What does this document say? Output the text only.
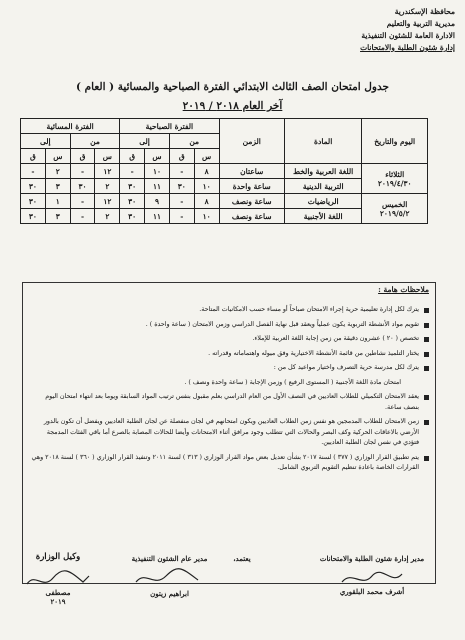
محافظة الإسكندرية
مديرية التربية والتعليم
الادارة العامة للشئون التنفيذية
إدارة شئون الطلبة والامتحانات
جدول امتحان الصف الثالث الابتدائي الفترة الصباحية والمسائية ( العام )
آخر العام ٢٠١٨ / ٢٠١٩
اليوم والتاريخ	المادة	الزمن	الفترة الصباحية				الفترة المسائية			
			من		إلى		من		إلى	
			س	ق	س	ق	س	ق	س	ق

الثلاثاء
٢٠١٩/٤/٣٠	اللغة العربية والخط	ساعتان	٨	-	١٠	-	١٢	-	٢	-
	التربية الدينية	ساعة واحدة	١٠	٣٠	١١	٣٠	٢	٣٠	٣	٣٠

الخميس
٢٠١٩/٥/٢	الرياضيات	ساعة ونصف	٨	-	٩	٣٠	١٢	-	١	٣٠
	اللغة الأجنبية	ساعة ونصف	١٠	-	١١	٣٠	٢	-	٣	٣٠
ملاحظات هامة :
يترك لكل إدارة تعليمية حرية إجراء الامتحان صباحاً أو مساء حسب الامكانيات المتاحة.
تقويم مواد الأنشطة التربوية يكون عملياً ويعقد قبل نهاية الفصل الدراسي وزمن الامتحان ( ساعة واحدة ) .
تخصص ( ٢٠ ) عشرون دقيقة من زمن إجابة اللغة العربية للإملاء.
يختار التلميذ نشاطين من قائمة الأنشطة الاختيارية وفق ميوله واهتماماته وقدراته .
يترك لكل مدرسة حرية التصرف واختيار مواعيد كل من :
امتحان مادة اللغة الأجنبية ( المستوى الرفيع ) وزمن الإجابة ( ساعة واحدة ونصف ) .
يعقد الامتحان التكميلي للطلاب العاديين في النصف الأول من العام الدراسي بعلم مقبول بنفس ترتيب المواد السابقة ويوما بعد انتهاء امتحان اليوم بنصف ساعة.
زمن الامتحان للطلاب المدمجين هو نفس زمن الطلاب العاديين ويكون امتحانهم في لجان منفصلة عن لجان الطلبة العاديين ويفضل أن تكون بالدور الأرضي بالاعاقات الحركية وكف البصر والحالات التي تتطلب وجود مرافق أثناء الامتحانات وأيضا للحالات المصابة بالصرع أما باقي الفئات المدمجة فتؤدي في نفس لجان الطلبة العاديين.
يتم تطبيق القرار الوزاري ( ٣٧٧ ) لسنة ٢٠١٧ بشأن تعديل بعض مواد القرار الوزاري ( ٣١٣ ) لسنة ٢٠١١ وتنفيذ القرار الوزاري ( ٣٦٠ ) لسنة ٢٠١٨ وهي القرارات الخاصة باعادة تنظيم التقويم التربوي الشامل.
مدير إدارة شئون الطلبة والامتحانات
أشرف محمد البلقوري
يعتمد،
مدير عام الشئون التنفيذية
ابراهيم زيتون
وكيل الوزارة
مصطفى
٢٠١٩
